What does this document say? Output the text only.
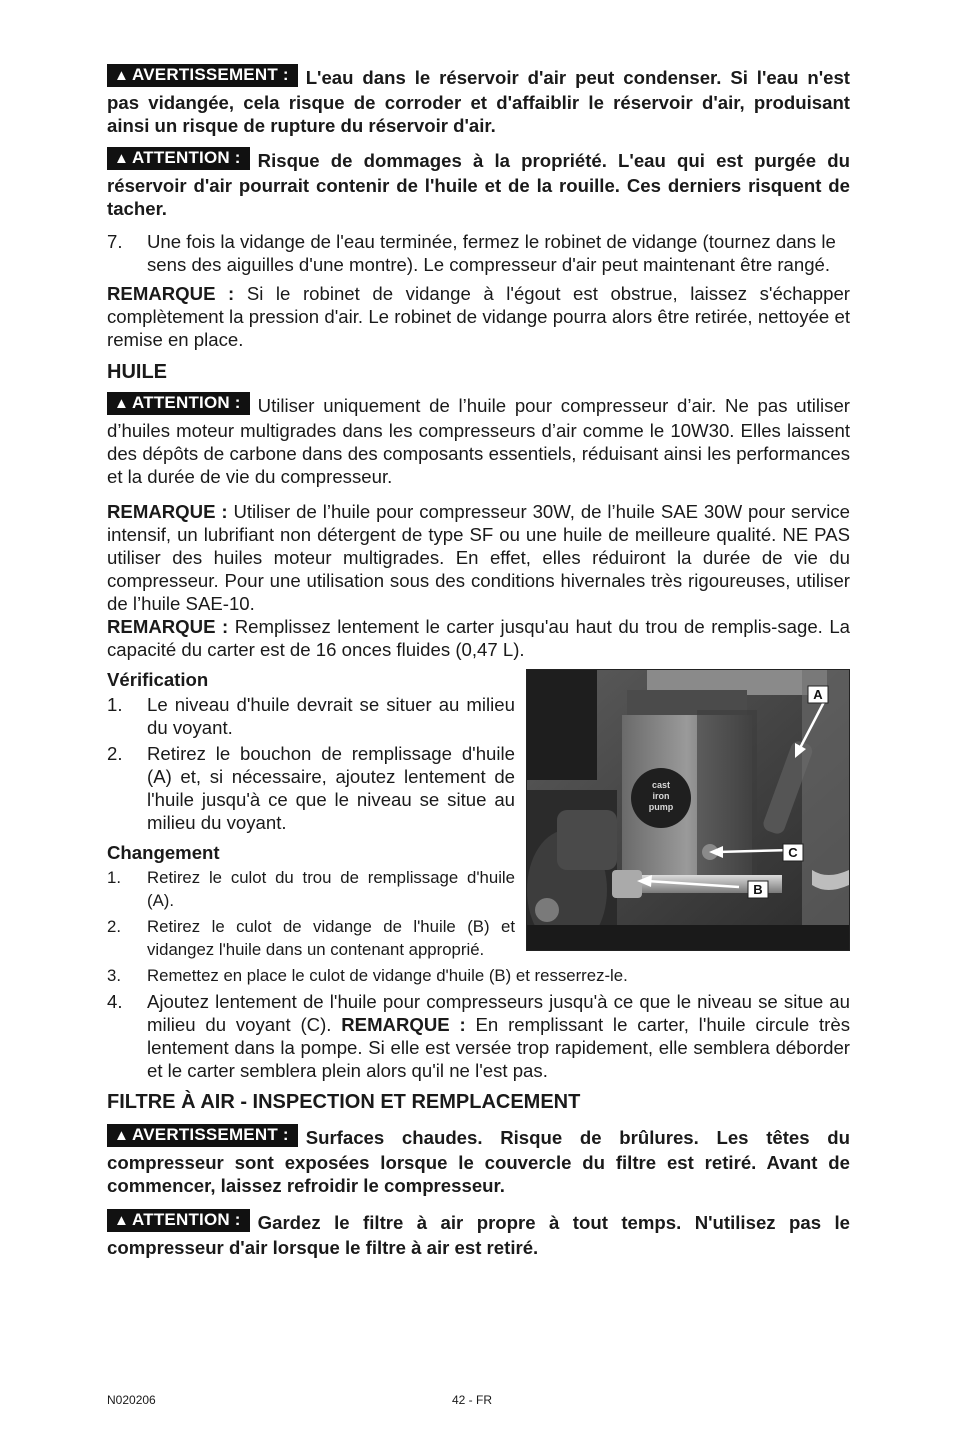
▲ AVERTISSEMENT : L'eau dans le réservoir d'air peut condenser. Si l'eau n'est pas vidangée, cela risque de corroder et d'affaiblir le réservoir d'air, produisant ainsi un risque de rupture du réservoir d'air.

▲ ATTENTION : Risque de dommages à la propriété. L'eau qui est purgée du réservoir d'air pourrait contenir de l'huile et de la rouille. Ces derniers risquent de tacher.

7.	Une fois la vidange de l'eau terminée, fermez le robinet de vidange (tournez dans le sens des aiguilles d'une montre). Le compresseur d'air peut maintenant être rangé.

REMARQUE : Si le robinet de vidange à l'égout est obstrue, laissez s'échapper complètement la pression d'air. Le robinet de vidange pourra alors être retirée, nettoyée et remise en place.

HUILE

▲ ATTENTION : Utiliser uniquement de l’huile pour compresseur d’air. Ne pas utiliser d’huiles moteur multigrades dans les compresseurs d’air comme le 10W30. Elles laissent des dépôts de carbone dans des composants essentiels, réduisant ainsi les performances et la durée de vie du compresseur.

REMARQUE : Utiliser de l’huile pour compresseur 30W, de l’huile SAE 30W pour service intensif, un lubrifiant non détergent de type SF ou une huile de meilleure qualité. NE PAS utiliser des huiles moteur multigrades. En effet, elles réduiront la durée de vie du compresseur. Pour une utilisation sous des conditions hivernales très rigoureuses, utiliser de l’huile SAE-10.

REMARQUE : Remplissez lentement le carter jusqu'au haut du trou de remplis-sage. La capacité du carter est de 16 onces fluides (0,47 L).

Vérification
1.	Le niveau d'huile devrait se situer au milieu du voyant.
2.	Retirez le bouchon de remplissage d'huile (A) et, si nécessaire, ajoutez lentement de l'huile jusqu'à ce que le niveau se situe au milieu du voyant.
Changement
1.	Retirez le culot du trou de remplissage d'huile (A).
2.	Retirez le culot de vidange de l'huile (B) et vidangez l'huile dans un contenant approprié.
cast
iron
pump
A
C
B
3.	Remettez en place le culot de vidange d'huile (B) et resserrez-le.
4.	Ajoutez lentement de l'huile pour compresseurs jusqu'à ce que le niveau se situe au milieu du voyant (C). REMARQUE : En remplissant le carter, l'huile circule très lentement dans la pompe. Si elle est versée trop rapidement, elle semblera déborder et le carter semblera plein alors qu'il ne l'est pas.
FILTRE À AIR - INSPECTION ET REMPLACEMENT

▲ AVERTISSEMENT : Surfaces chaudes. Risque de brûlures. Les têtes du compresseur sont exposées lorsque le couvercle du filtre est retiré. Avant de commencer, laissez refroidir le compresseur.

▲ ATTENTION : Gardez le filtre à air propre à tout temps. N'utilisez pas le compresseur d'air lorsque le filtre à air est retiré.

N020206	42 - FR
